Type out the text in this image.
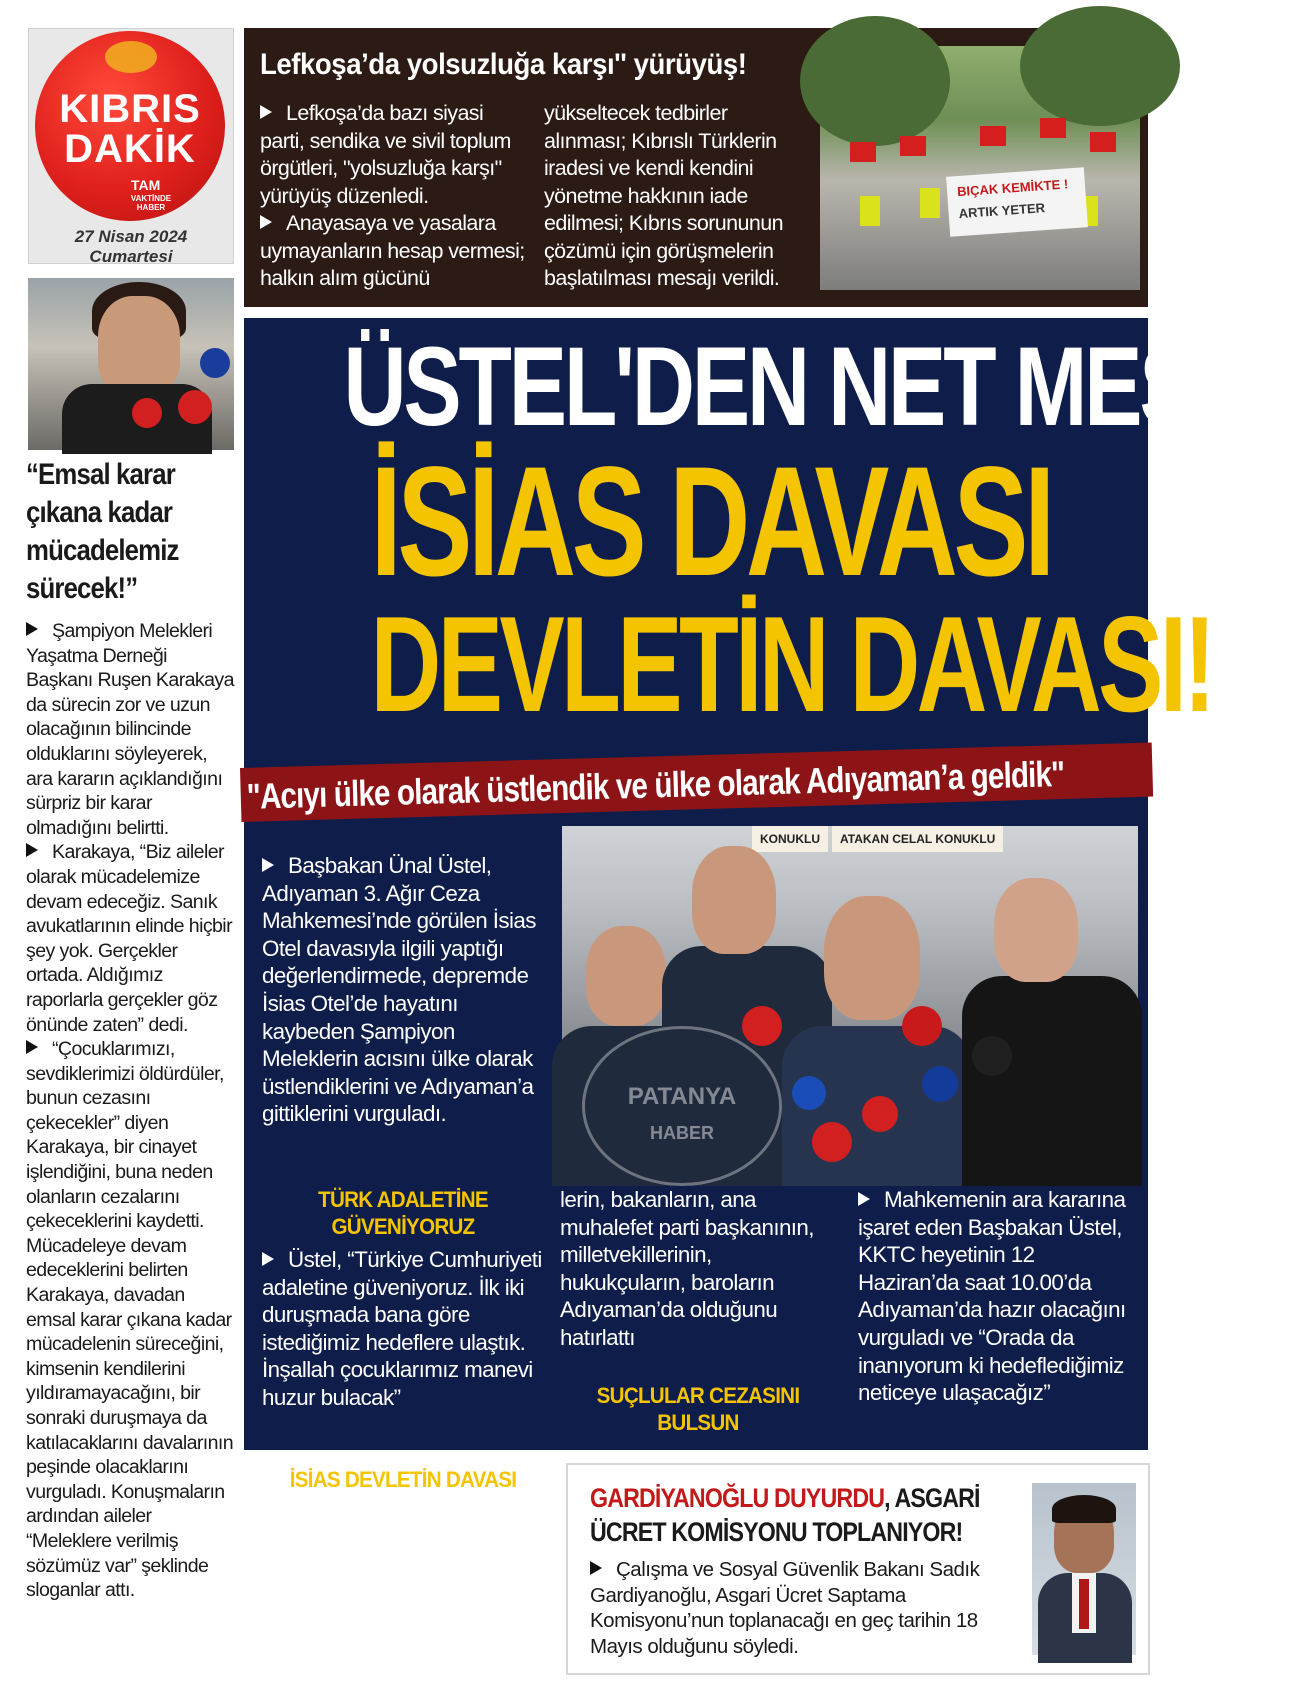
KIBRIS
DAKİK
TAM
VAKTİNDE HABER
27 Nisan 2024
Cumartesi
“Emsal karar çıkana kadar mücadelemiz sürecek!”

Şampiyon Melekleri Yaşatma Derneği Başkanı Ruşen Karakaya da sürecin zor ve uzun olacağının bilincinde olduklarını söyleyerek, ara kararın açıklandığını sürpriz bir karar olmadığını belirtti.

Karakaya, “Biz aileler olarak mücadelemize devam edeceğiz. Sanık avukatlarının elinde hiçbir şey yok. Gerçekler ortada. Aldığımız raporlarla gerçekler göz önünde zaten” dedi.

“Çocuklarımızı, sevdiklerimizi öldürdüler, bunun cezasını çekecekler” diyen Karakaya, bir cinayet işlendiğini, buna neden olanların cezalarını çekeceklerini kaydetti. Mücadeleye devam edeceklerini belirten Karakaya, davadan emsal karar çıkana kadar mücadelenin süreceğini, kimsenin kendilerini yıldıramayacağını, bir sonraki duruşmaya da katılacaklarını davalarının peşinde olacaklarını vurguladı. Konuşmaların ardından aileler “Meleklere verilmiş sözümüz var” şeklinde sloganlar attı.

Lefkoşa’da yolsuzluğa karşı'' yürüyüş!

Lefkoşa’da bazı siyasi parti, sendika ve sivil toplum örgütleri, "yolsuzluğa karşı" yürüyüş düzenledi.

Anayasaya ve yasalara uymayanların hesap vermesi; halkın alım gücünü

yükseltecek tedbirler alınması; Kıbrıslı Türklerin iradesi ve kendi kendini yönetme hakkının iade edilmesi; Kıbrıs sorununun çözümü için görüşmelerin başlatılması mesajı verildi.
BIÇAK KEMİKTE !
ARTIK YETER
ÜSTEL'DEN NET MESAJ
İSİAS DAVASI
DEVLETİN DAVASI!
"Acıyı ülke olarak üstlendik ve ülke olarak Adıyaman’a geldik"

Başbakan Ünal Üstel, Adıyaman 3. Ağır Ceza Mahkemesi’nde görülen İsias Otel davasıyla ilgili yaptığı değerlendirmede, depremde İsias Otel’de hayatını kaybeden Şampiyon Meleklerin acısını ülke olarak üstlendiklerini ve Adıyaman’a gittiklerini vurguladı.

KONUKLU	ATAKAN CELAL KONUKLU
PATANYA
HABER
TÜRK ADALETİNE GÜVENİYORUZ

Üstel, “Türkiye Cumhuriyeti adaletine güveniyoruz. İlk iki duruşmada bana göre istediğimiz hedeflere ulaştık. İnşallah çocuklarımız manevi huzur bulacak”

lerin, bakanların, ana muhalefet parti başkanının, milletvekillerinin, hukukçuların, baroların Adıyaman’da olduğunu hatırlattı
SUÇLULAR CEZASINI BULSUN

Mahkemenin ara kararına işaret eden Başbakan Üstel, KKTC heyetinin 12 Haziran’da saat 10.00’da Adıyaman’da hazır olacağını vurguladı ve “Orada da inanıyorum ki hedeflediğimiz neticeye ulaşacağız”

İSİAS DEVLETİN DAVASI

İsias Otel davasının ülkenin ve devletin davası olduğunu vurgulayan Başbakan Ünal Üstel, ocaktaki ilk duruşmada olduğu gibi bugün de aile-

GARDİYANOĞLU DUYURDU, ASGARİ ÜCRET KOMİSYONU TOPLANIYOR!
Çalışma ve Sosyal Güvenlik Bakanı Sadık Gardiyanoğlu, Asgari Ücret Saptama Komisyonu’nun toplanacağı en geç tarihin 18 Mayıs olduğunu söyledi.
